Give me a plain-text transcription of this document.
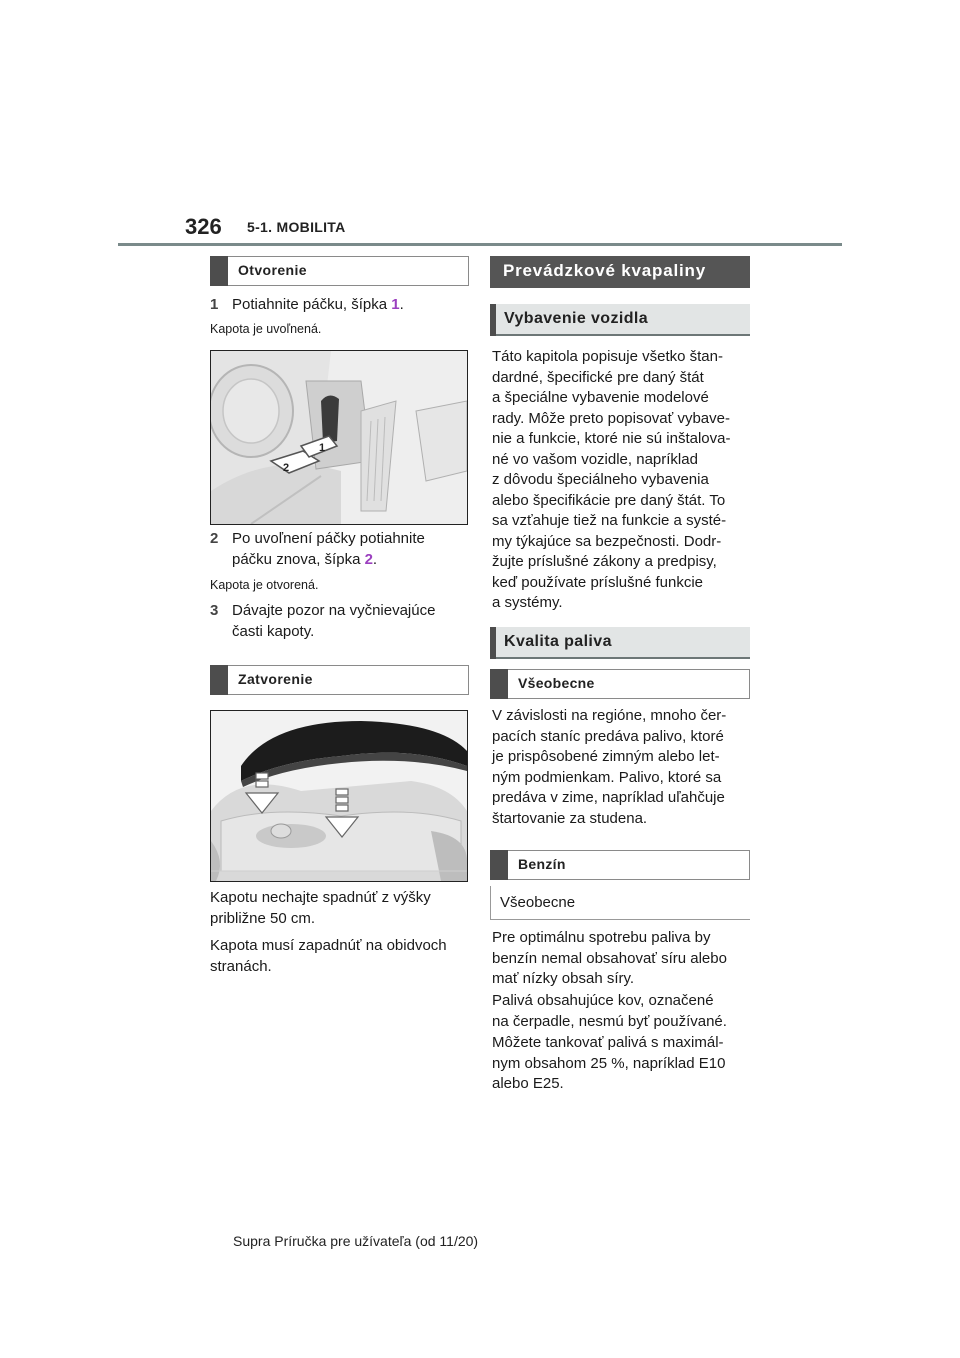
326 5-1. MOBILITA
Otvorenie
1 Potiahnite páčku, šípka 1.
Kapota je uvoľnená.
2
1
2 Po uvoľnení páčky potiahnite
páčku znova, šípka 2.
Kapota je otvorená.
3 Dávajte pozor na vyčnievajúce
časti kapoty.
Zatvorenie
Kapotu nechajte spadnúť z výšky
približne 50 cm.
Kapota musí zapadnúť na obidvoch
stranách.
Prevádzkové kvapaliny
Vybavenie vozidla
Táto kapitola popisuje všetko štan-
dardné, špecifické pre daný štát
a špeciálne vybavenie modelové
rady. Môže preto popisovať vybave-
nie a funkcie, ktoré nie sú inštalova-
né vo vašom vozidle, napríklad
z dôvodu špeciálneho vybavenia
alebo špecifikácie pre daný štát. To
sa vzťahuje tiež na funkcie a systé-
my týkajúce sa bezpečnosti. Dodr-
žujte príslušné zákony a predpisy,
keď používate príslušné funkcie
a systémy.
Kvalita paliva
Všeobecne
V závislosti na regióne, mnoho čer-
pacích staníc predáva palivo, ktoré
je prispôsobené zimným alebo let-
ným podmienkam. Palivo, ktoré sa
predáva v zime, napríklad uľahčuje
štartovanie za studena.
Benzín
Všeobecne
Pre optimálnu spotrebu paliva by
benzín nemal obsahovať síru alebo
mať nízky obsah síry.
Palivá obsahujúce kov, označené
na čerpadle, nesmú byť používané.
Môžete tankovať palivá s maximál-
nym obsahom 25 %, napríklad E10
alebo E25.
Supra Príručka pre užívateľa (od 11/20)
